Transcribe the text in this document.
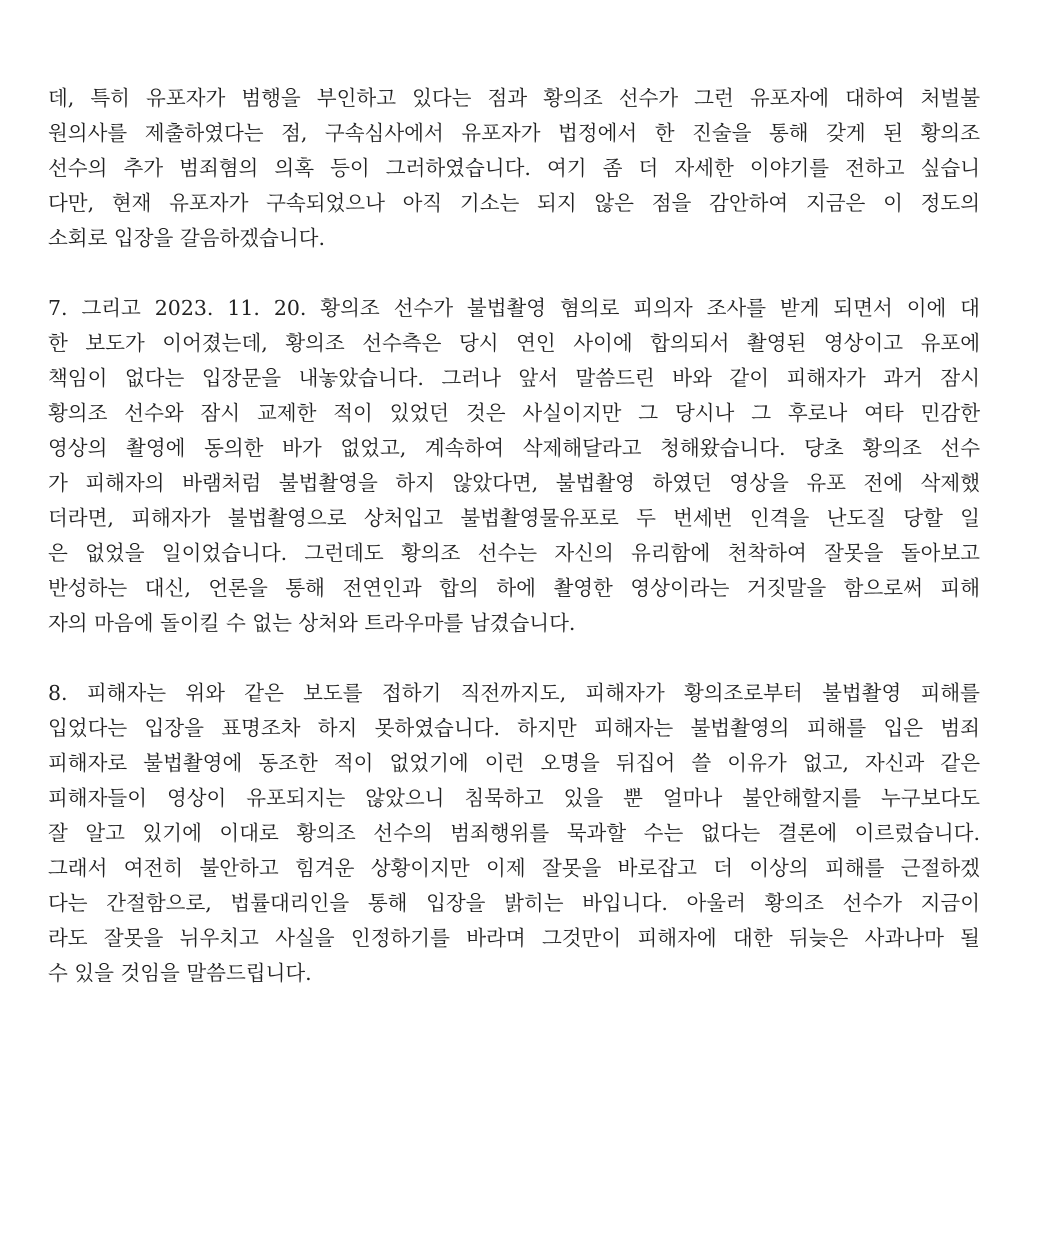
데, 특히 유포자가 범행을 부인하고 있다는 점과 황의조 선수가 그런 유포자에 대하여 처벌불
원의사를 제출하였다는 점, 구속심사에서 유포자가 법정에서 한 진술을 통해 갖게 된 황의조
선수의 추가 범죄혐의 의혹 등이 그러하였습니다. 여기 좀 더 자세한 이야기를 전하고 싶습니
다만, 현재 유포자가 구속되었으나 아직 기소는 되지 않은 점을 감안하여 지금은 이 정도의
소회로 입장을 갈음하겠습니다.
7. 그리고 2023. 11. 20. 황의조 선수가 불법촬영 혐의로 피의자 조사를 받게 되면서 이에 대
한 보도가 이어졌는데, 황의조 선수측은 당시 연인 사이에 합의되서 촬영된 영상이고 유포에
책임이 없다는 입장문을 내놓았습니다. 그러나 앞서 말씀드린 바와 같이 피해자가 과거 잠시
황의조 선수와 잠시 교제한 적이 있었던 것은 사실이지만 그 당시나 그 후로나 여타 민감한
영상의 촬영에 동의한 바가 없었고, 계속하여 삭제해달라고 청해왔습니다. 당초 황의조 선수
가 피해자의 바램처럼 불법촬영을 하지 않았다면, 불법촬영 하였던 영상을 유포 전에 삭제했
더라면, 피해자가 불법촬영으로 상처입고 불법촬영물유포로 두 번세번 인격을 난도질 당할 일
은 없었을 일이었습니다. 그런데도 황의조 선수는 자신의 유리함에 천착하여 잘못을 돌아보고
반성하는 대신, 언론을 통해 전연인과 합의 하에 촬영한 영상이라는 거짓말을 함으로써 피해
자의 마음에 돌이킬 수 없는 상처와 트라우마를 남겼습니다.
8. 피해자는 위와 같은 보도를 접하기 직전까지도, 피해자가 황의조로부터 불법촬영 피해를
입었다는 입장을 표명조차 하지 못하였습니다. 하지만 피해자는 불법촬영의 피해를 입은 범죄
피해자로 불법촬영에 동조한 적이 없었기에 이런 오명을 뒤집어 쓸 이유가 없고, 자신과 같은
피해자들이 영상이 유포되지는 않았으니 침묵하고 있을 뿐 얼마나 불안해할지를 누구보다도
잘 알고 있기에 이대로 황의조 선수의 범죄행위를 묵과할 수는 없다는 결론에 이르렀습니다.
그래서 여전히 불안하고 힘겨운 상황이지만 이제 잘못을 바로잡고 더 이상의 피해를 근절하겠
다는 간절함으로, 법률대리인을 통해 입장을 밝히는 바입니다. 아울러 황의조 선수가 지금이
라도 잘못을 뉘우치고 사실을 인정하기를 바라며 그것만이 피해자에 대한 뒤늦은 사과나마 될
수 있을 것임을 말씀드립니다.
